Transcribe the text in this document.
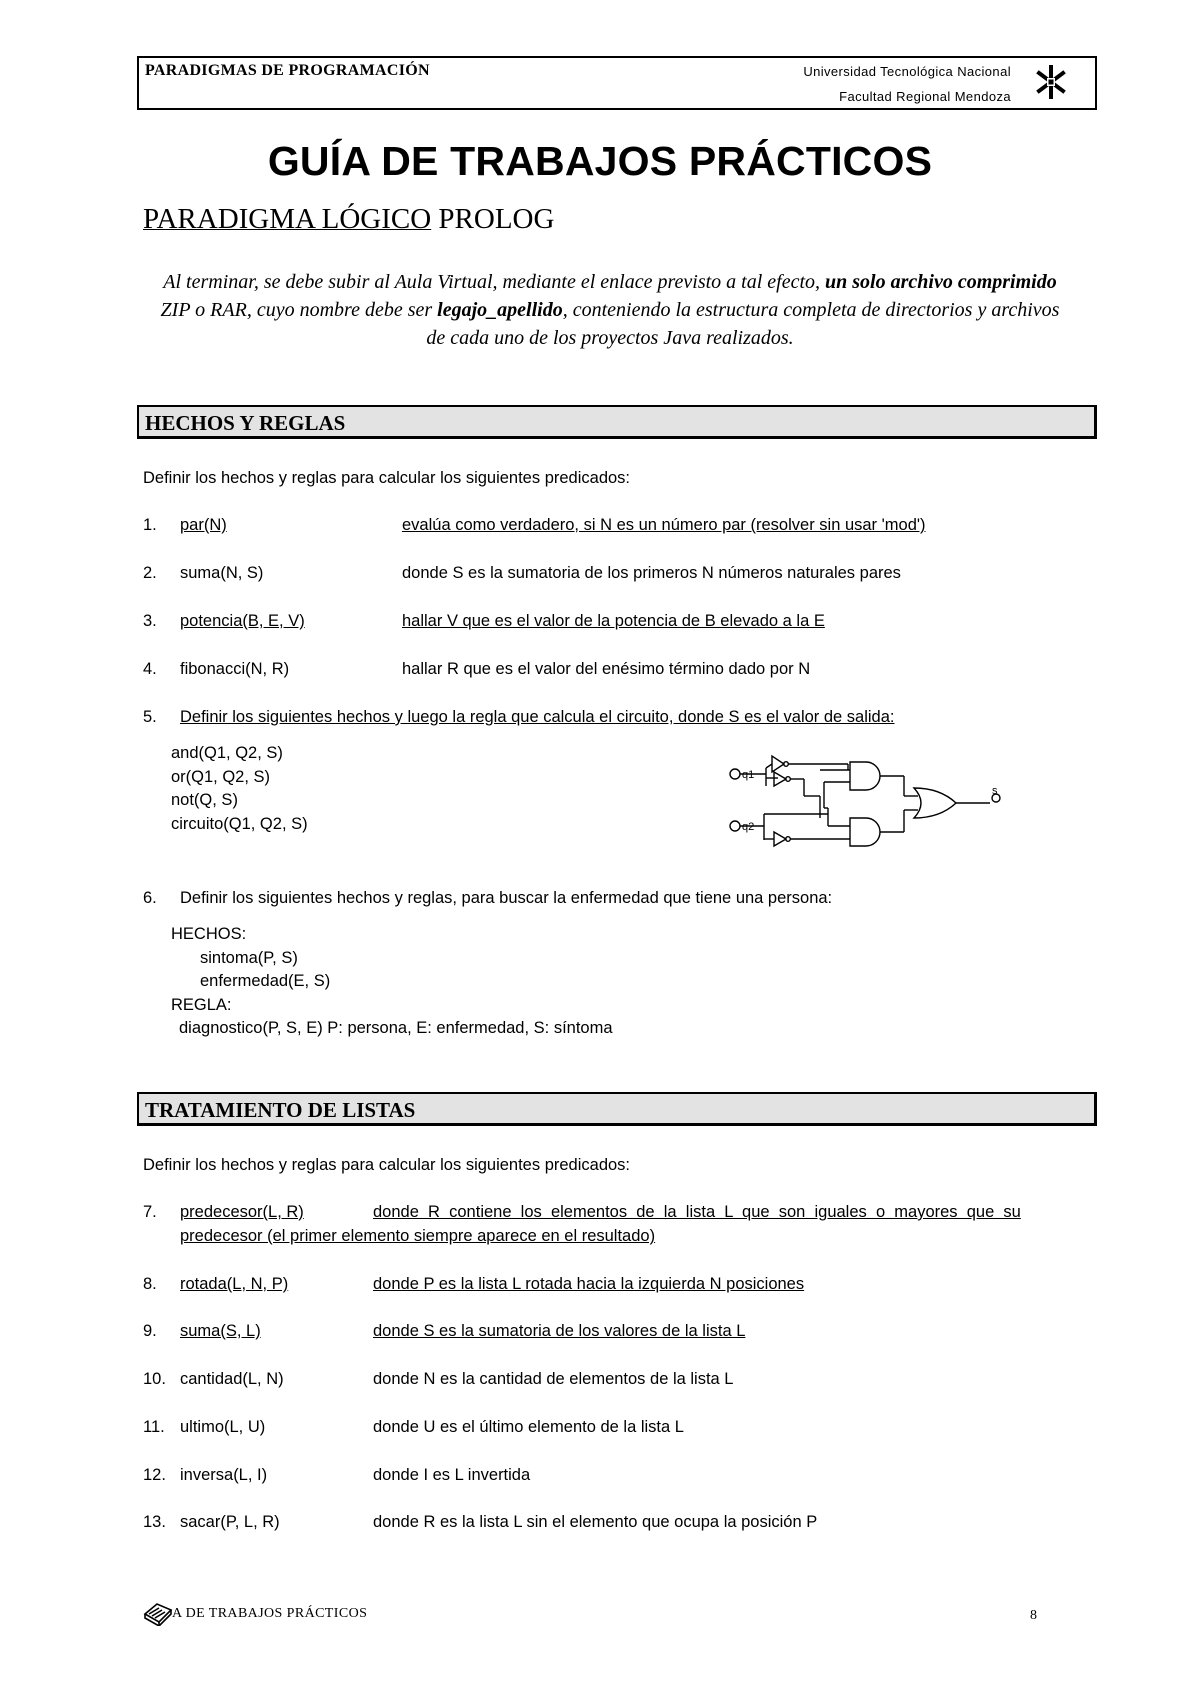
PARADIGMAS DE PROGRAMACIÓN	Universidad Tecnológica Nacional
Facultad Regional Mendoza
GUÍA DE TRABAJOS PRÁCTICOS
PARADIGMA LÓGICO PROLOG
Al terminar, se debe subir al Aula Virtual, mediante el enlace previsto a tal efecto, un solo archivo comprimido ZIP o RAR, cuyo nombre debe ser legajo_apellido, conteniendo la estructura completa de directorios y archivos de cada uno de los proyectos Java realizados.
HECHOS Y REGLAS
Definir los hechos y reglas para calcular los siguientes predicados:
1. par(N)	evalúa como verdadero, si N es un número par (resolver sin usar 'mod')
2. suma(N, S)	donde S es la sumatoria de los primeros N números naturales pares
3. potencia(B, E, V)	hallar V que es el valor de la potencia de B elevado a la E
4. fibonacci(N, R)	hallar R que es el valor del enésimo término dado por N
5. Definir los siguientes hechos y luego la regla que calcula el circuito, donde S es el valor de salida:
and(Q1, Q2, S)
or(Q1, Q2, S)
not(Q, S)
circuito(Q1, Q2, S)
q1
q2
s
6. Definir los siguientes hechos y reglas, para buscar la enfermedad que tiene una persona:
HECHOS:
sintoma(P, S)
enfermedad(E, S)
REGLA:
diagnostico(P, S, E) P: persona, E: enfermedad, S: síntoma
TRATAMIENTO DE LISTAS
Definir los hechos y reglas para calcular los siguientes predicados:
7. predecesor(L, R)	donde  R  contiene  los  elementos  de  la  lista  L  que  son  iguales  o  mayores  que  su
predecesor (el primer elemento siempre aparece en el resultado)
8. rotada(L, N, P)	donde P es la lista L rotada hacia la izquierda N posiciones
9. suma(S, L)	donde S es la sumatoria de los valores de la lista L
10. cantidad(L, N)	donde N es la cantidad de elementos de la lista L
11. ultimo(L, U)	donde U es el último elemento de la lista L
12. inversa(L, I)	donde I es L invertida
13. sacar(P, L, R)	donde R es la lista L sin el elemento que ocupa la posición P
A DE TRABAJOS PRÁCTICOS	8
